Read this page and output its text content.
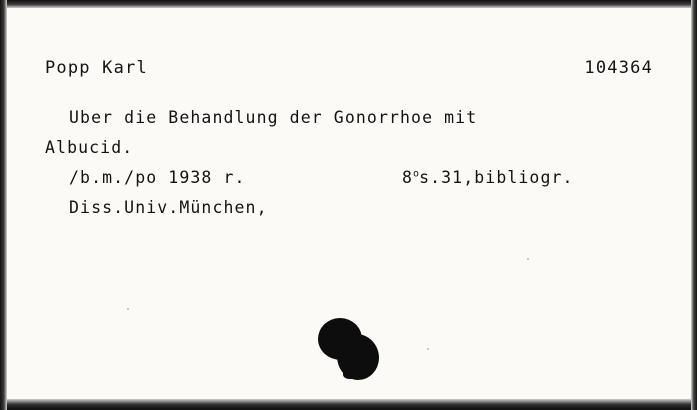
Popp Karl	104364
Uber die Behandlung der Gonorrhoe mit
Albucid.
/b.m./po 1938 r.	8$^o$s.31,bibliogr.
Diss.Univ.München,
